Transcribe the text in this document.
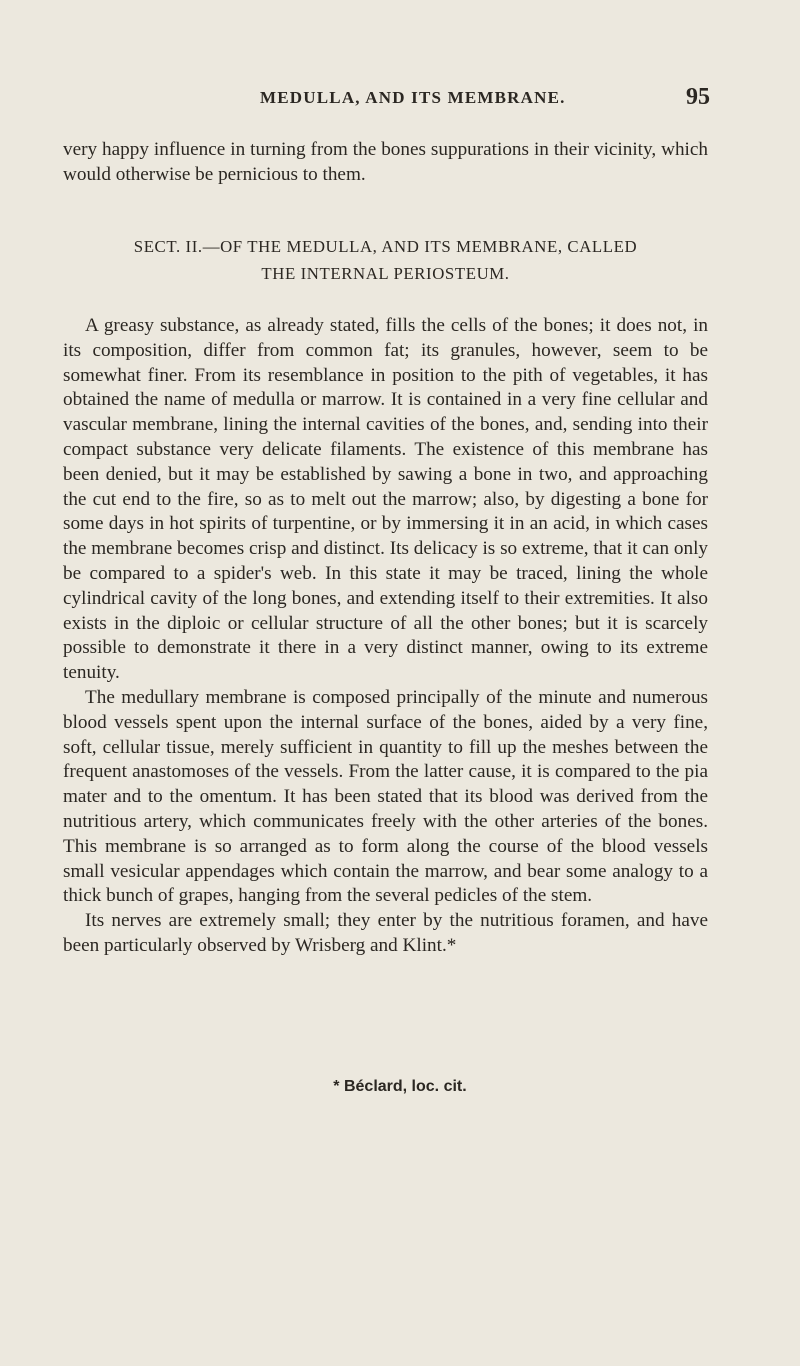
MEDULLA, AND ITS MEMBRANE.	95
very happy influence in turning from the bones suppurations in their vicinity, which would otherwise be pernicious to them.
SECT. II.—OF THE MEDULLA, AND ITS MEMBRANE, CALLED
THE INTERNAL PERIOSTEUM.

A greasy substance, as already stated, fills the cells of the bones; it does not, in its composition, differ from common fat; its granules, however, seem to be somewhat finer. From its resemblance in position to the pith of vegetables, it has obtained the name of medulla or marrow. It is contained in a very fine cellular and vascular membrane, lining the internal cavities of the bones, and, sending into their compact substance very delicate filaments. The existence of this membrane has been denied, but it may be established by sawing a bone in two, and approaching the cut end to the fire, so as to melt out the marrow; also, by digesting a bone for some days in hot spirits of turpentine, or by immersing it in an acid, in which cases the membrane becomes crisp and distinct. Its delicacy is so extreme, that it can only be compared to a spider's web. In this state it may be traced, lining the whole cylindrical cavity of the long bones, and extending itself to their extremities. It also exists in the diploic or cellular structure of all the other bones; but it is scarcely possible to demonstrate it there in a very distinct manner, owing to its extreme tenuity.

The medullary membrane is composed principally of the minute and numerous blood vessels spent upon the internal surface of the bones, aided by a very fine, soft, cellular tissue, merely sufficient in quantity to fill up the meshes between the frequent anastomoses of the vessels. From the latter cause, it is compared to the pia mater and to the omentum. It has been stated that its blood was derived from the nutritious artery, which communicates freely with the other arteries of the bones. This membrane is so arranged as to form along the course of the blood vessels small vesicular appendages which contain the marrow, and bear some analogy to a thick bunch of grapes, hanging from the several pedicles of the stem.

Its nerves are extremely small; they enter by the nutritious foramen, and have been particularly observed by Wrisberg and Klint.*

* Béclard, loc. cit.
